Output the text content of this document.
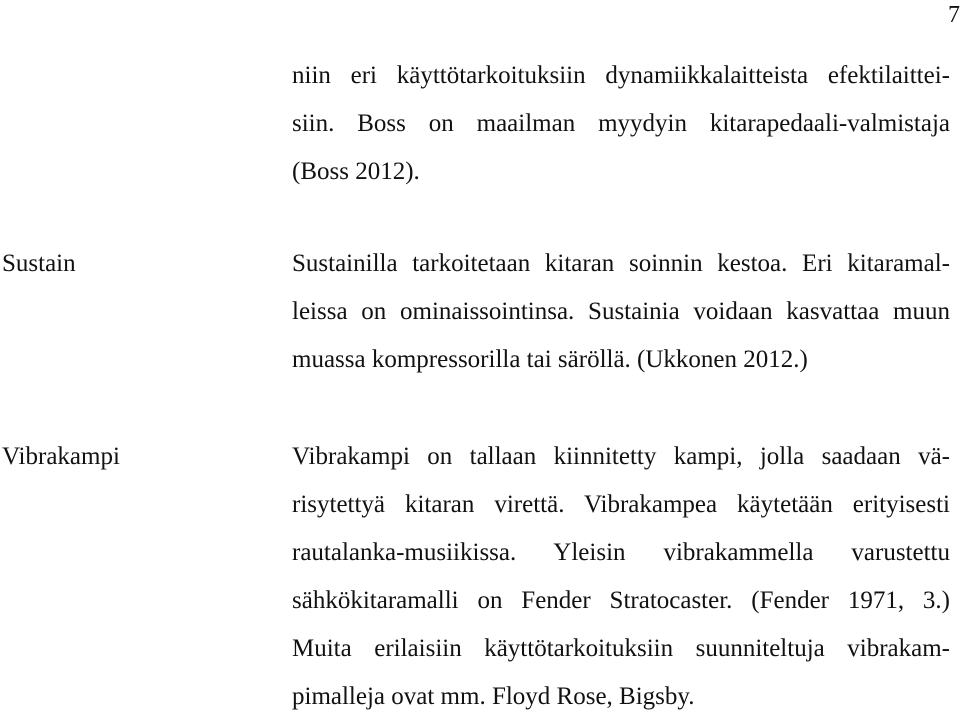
7
niin eri käyttötarkoituksiin dynamiikkalaitteista efektilaittei-
siin. Boss on maailman myydyin kitarapedaali-valmistaja
(Boss 2012).
Sustain	Sustainilla tarkoitetaan kitaran soinnin kestoa. Eri kitaramal-
leissa on ominaissointinsa. Sustainia voidaan kasvattaa muun
muassa kompressorilla tai säröllä. (Ukkonen 2012.)
Vibrakampi	Vibrakampi on tallaan kiinnitetty kampi, jolla saadaan vä-
risytettyä kitaran virettä. Vibrakampea käytetään erityisesti
rautalanka-musiikissa. Yleisin vibrakammella varustettu
sähkökitaramalli on Fender Stratocaster. (Fender 1971, 3.)
Muita erilaisiin käyttötarkoituksiin suunniteltuja vibrakam-
pimalleja ovat mm. Floyd Rose, Bigsby.
